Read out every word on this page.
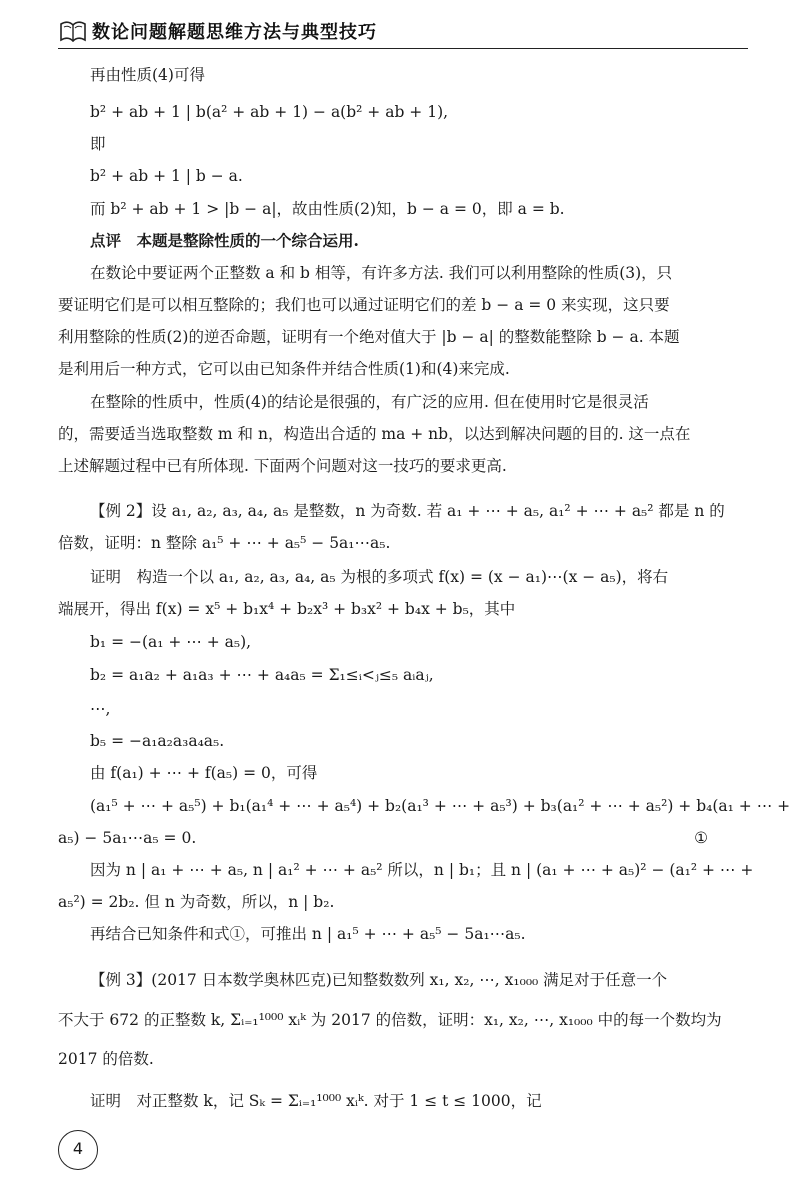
数论问题解题思维方法与典型技巧
再由性质(4)可得
b² + ab + 1 | b(a² + ab + 1) − a(b² + ab + 1),
即
b² + ab + 1 | b − a.
而 b² + ab + 1 > |b − a|，故由性质(2)知，b − a = 0，即 a = b.
点评　本题是整除性质的一个综合运用.
在数论中要证两个正整数 a 和 b 相等，有许多方法. 我们可以利用整除的性质(3)，只
要证明它们是可以相互整除的；我们也可以通过证明它们的差 b − a = 0 来实现，这只要
利用整除的性质(2)的逆否命题，证明有一个绝对值大于 |b − a| 的整数能整除 b − a. 本题
是利用后一种方式，它可以由已知条件并结合性质(1)和(4)来完成.
在整除的性质中，性质(4)的结论是很强的，有广泛的应用. 但在使用时它是很灵活
的，需要适当选取整数 m 和 n，构造出合适的 ma + nb，以达到解决问题的目的. 这一点在
上述解题过程中已有所体现. 下面两个问题对这一技巧的要求更高.
【例 2】设 a₁, a₂, a₃, a₄, a₅ 是整数，n 为奇数. 若 a₁ + ⋯ + a₅, a₁² + ⋯ + a₅² 都是 n 的
倍数，证明：n 整除 a₁⁵ + ⋯ + a₅⁵ − 5a₁⋯a₅.
证明　构造一个以 a₁, a₂, a₃, a₄, a₅ 为根的多项式 f(x) = (x − a₁)⋯(x − a₅)，将右
端展开，得出 f(x) = x⁵ + b₁x⁴ + b₂x³ + b₃x² + b₄x + b₅，其中
b₁ = −(a₁ + ⋯ + a₅),
b₂ = a₁a₂ + a₁a₃ + ⋯ + a₄a₅ = Σ₁≤ᵢ<ⱼ≤₅ aᵢaⱼ,
⋯,
b₅ = −a₁a₂a₃a₄a₅.
由 f(a₁) + ⋯ + f(a₅) = 0，可得
(a₁⁵ + ⋯ + a₅⁵) + b₁(a₁⁴ + ⋯ + a₅⁴) + b₂(a₁³ + ⋯ + a₅³) + b₃(a₁² + ⋯ + a₅²) + b₄(a₁ + ⋯ +
a₅) − 5a₁⋯a₅ = 0.	①
因为 n | a₁ + ⋯ + a₅, n | a₁² + ⋯ + a₅² 所以，n | b₁；且 n | (a₁ + ⋯ + a₅)² − (a₁² + ⋯ +
a₅²) = 2b₂. 但 n 为奇数，所以，n | b₂.
再结合已知条件和式①，可推出 n | a₁⁵ + ⋯ + a₅⁵ − 5a₁⋯a₅.
【例 3】(2017 日本数学奥林匹克)已知整数数列 x₁, x₂, ⋯, x₁₀₀₀ 满足对于任意一个
不大于 672 的正整数 k, Σᵢ₌₁¹⁰⁰⁰ xᵢᵏ 为 2017 的倍数，证明：x₁, x₂, ⋯, x₁₀₀₀ 中的每一个数均为
2017 的倍数.
证明　对正整数 k，记 Sₖ = Σᵢ₌₁¹⁰⁰⁰ xᵢᵏ. 对于 1 ≤ t ≤ 1000，记
4
